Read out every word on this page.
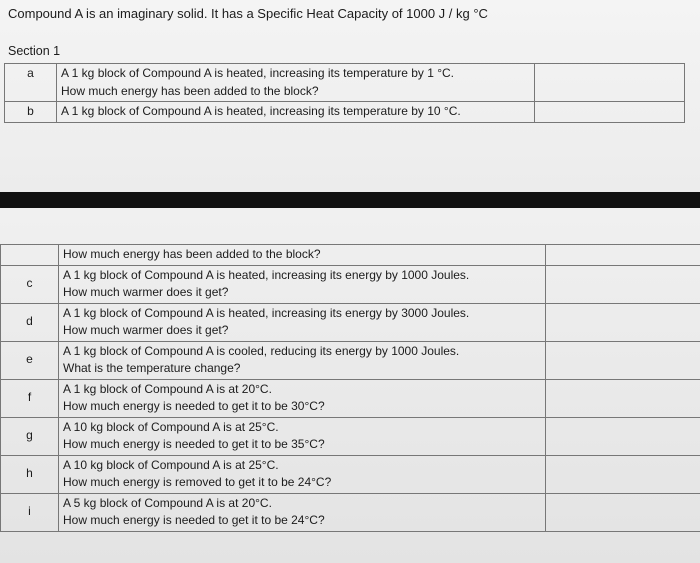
Compound A is an imaginary solid. It has a Specific Heat Capacity of 1000 J / kg °C

Section 1

a	A 1 kg block of Compound A is heated, increasing its temperature by 1 °C.
How much energy has been added to the block?	

b	A 1 kg block of Compound A is heated, increasing its temperature by 10 °C.	

	How much energy has been added to the block?	

c	A 1 kg block of Compound A is heated, increasing its energy by 1000 Joules.
How much warmer does it get?	

d	A 1 kg block of Compound A is heated, increasing its energy by 3000 Joules.
How much warmer does it get?	

e	A 1 kg block of Compound A is cooled, reducing its energy by 1000 Joules.
What is the temperature change?	

f	A 1 kg block of Compound A is at 20°C.
How much energy is needed to get it to be 30°C?	

g	A 10 kg block of Compound A is at 25°C.
How much energy is needed to get it to be 35°C?	

h	A 10 kg block of Compound A is at 25°C.
How much energy is removed to get it to be 24°C?	

i	A 5 kg block of Compound A is at 20°C.
How much energy is needed to get it to be 24°C?	
